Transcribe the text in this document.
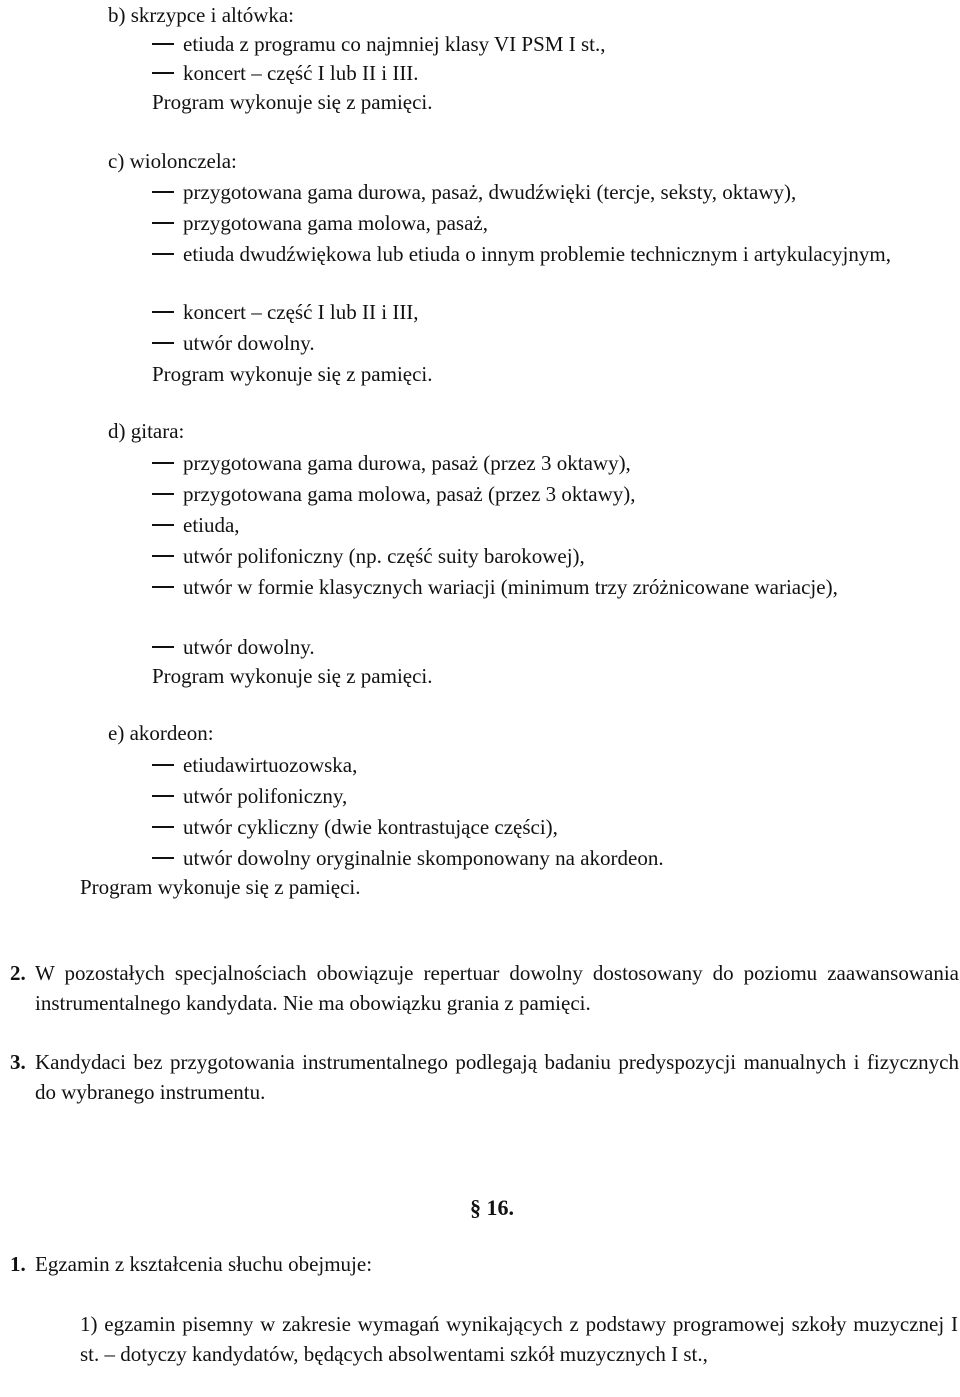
b) skrzypce i altówka:
etiuda z programu co najmniej klasy VI PSM I st.,
koncert – część I lub II i III.
Program wykonuje się z pamięci.
c) wiolonczela:
przygotowana gama durowa, pasaż, dwudźwięki (tercje, seksty, oktawy),
przygotowana gama molowa, pasaż,
etiuda dwudźwiękowa lub etiuda o innym problemie technicznym i artykulacyjnym,
koncert – część I lub II i III,
utwór dowolny.
Program wykonuje się z pamięci.
d) gitara:
przygotowana gama durowa, pasaż (przez 3 oktawy),
przygotowana gama molowa, pasaż (przez 3 oktawy),
etiuda,
utwór polifoniczny (np. część suity barokowej),
utwór w formie klasycznych wariacji (minimum trzy zróżnicowane wariacje),
utwór dowolny.
Program wykonuje się z pamięci.
e) akordeon:
etiudawirtuozowska,
utwór polifoniczny,
utwór cykliczny (dwie kontrastujące części),
utwór dowolny oryginalnie skomponowany na akordeon.
Program wykonuje się z pamięci.
2. W pozostałych specjalnościach obowiązuje repertuar dowolny dostosowany do poziomu zaawansowania instrumentalnego kandydata. Nie ma obowiązku grania z pamięci.
3. Kandydaci bez przygotowania instrumentalnego podlegają badaniu predyspozycji manualnych i fizycznych do wybranego instrumentu.
§ 16.
1. Egzamin z kształcenia słuchu obejmuje:
1) egzamin pisemny w zakresie wymagań wynikających z podstawy programowej szkoły muzycznej I st. – dotyczy kandydatów, będących absolwentami szkół muzycznych I st.,
